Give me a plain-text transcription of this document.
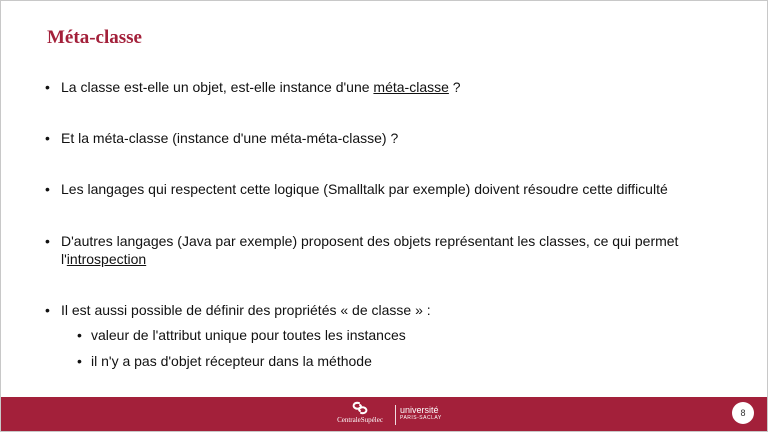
Méta-classe
• La classe est-elle un objet, est-elle instance d'une méta-classe ?
• Et la méta-classe (instance d'une méta-méta-classe) ?
• Les langages qui respectent cette logique (Smalltalk par exemple) doivent résoudre cette difficulté
• D'autres langages (Java par exemple) proposent des objets représentant les classes, ce qui permet
l'introspection
• Il est aussi possible de définir des propriétés « de classe » :
• valeur de l'attribut unique pour toutes les instances
• il n'y a pas d'objet récepteur dans la méthode
CentraleSupélec
université
PARIS-SACLAY	8
